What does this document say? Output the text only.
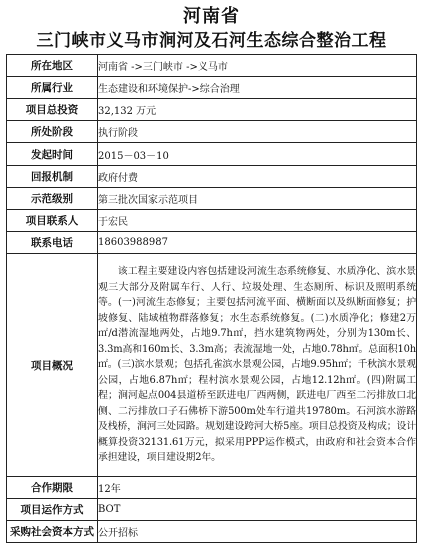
河南省
三门峡市义马市涧河及石河生态综合整治工程
所在地区	河南省 ->三门峡市 ->义马市
所属行业	生态建设和环境保护->综合治理
项目总投资	32,132 万元
所处阶段	执行阶段
发起时间	2015－03－10
回报机制	政府付费
示范级别	第三批次国家示范项目
项目联系人	于宏民
联系电话	18603988987
项目概况	该工程主要建设内容包括建设河流生态系统修复、水质净化、滨水景观三大部分及附属车行、人行、垃圾处理、生态厕所、标识及照明系统等。(一)河流生态修复；主要包括河流平面、横断面以及纵断面修复；护坡修复、陆域植物群落修复；水生态系统修复。(二)水质净化；修建2万㎡/d潜流湿地两处，占地9.7h㎡，挡水建筑物两处，分别为130m长、3.3m高和160m长、3.3m高；表流湿地一处，占地0.78h㎡。总面积10h㎡。(三)滨水景观；包括孔雀滨水景观公园，占地9.95h㎡；千秋滨水景观公园，占地6.87h㎡；程村滨水景观公园，占地12.12h㎡。(四)附属工程；涧河起点004县道桥至跃进电厂西两侧，跃进电厂西至二污排放口北侧、二污排放口子石佛桥下游500m处车行道共19780m。石河滨水游路及栈桥，涧河三处园路。规划建设跨河大桥5座。项目总投资及构成；设计概算投资32131.61万元，拟采用PPP运作模式，由政府和社会资本合作承担建设，项目建设期2年。
合作期限	12年
项目运作方式	BOT
采购社会资本方式	公开招标
